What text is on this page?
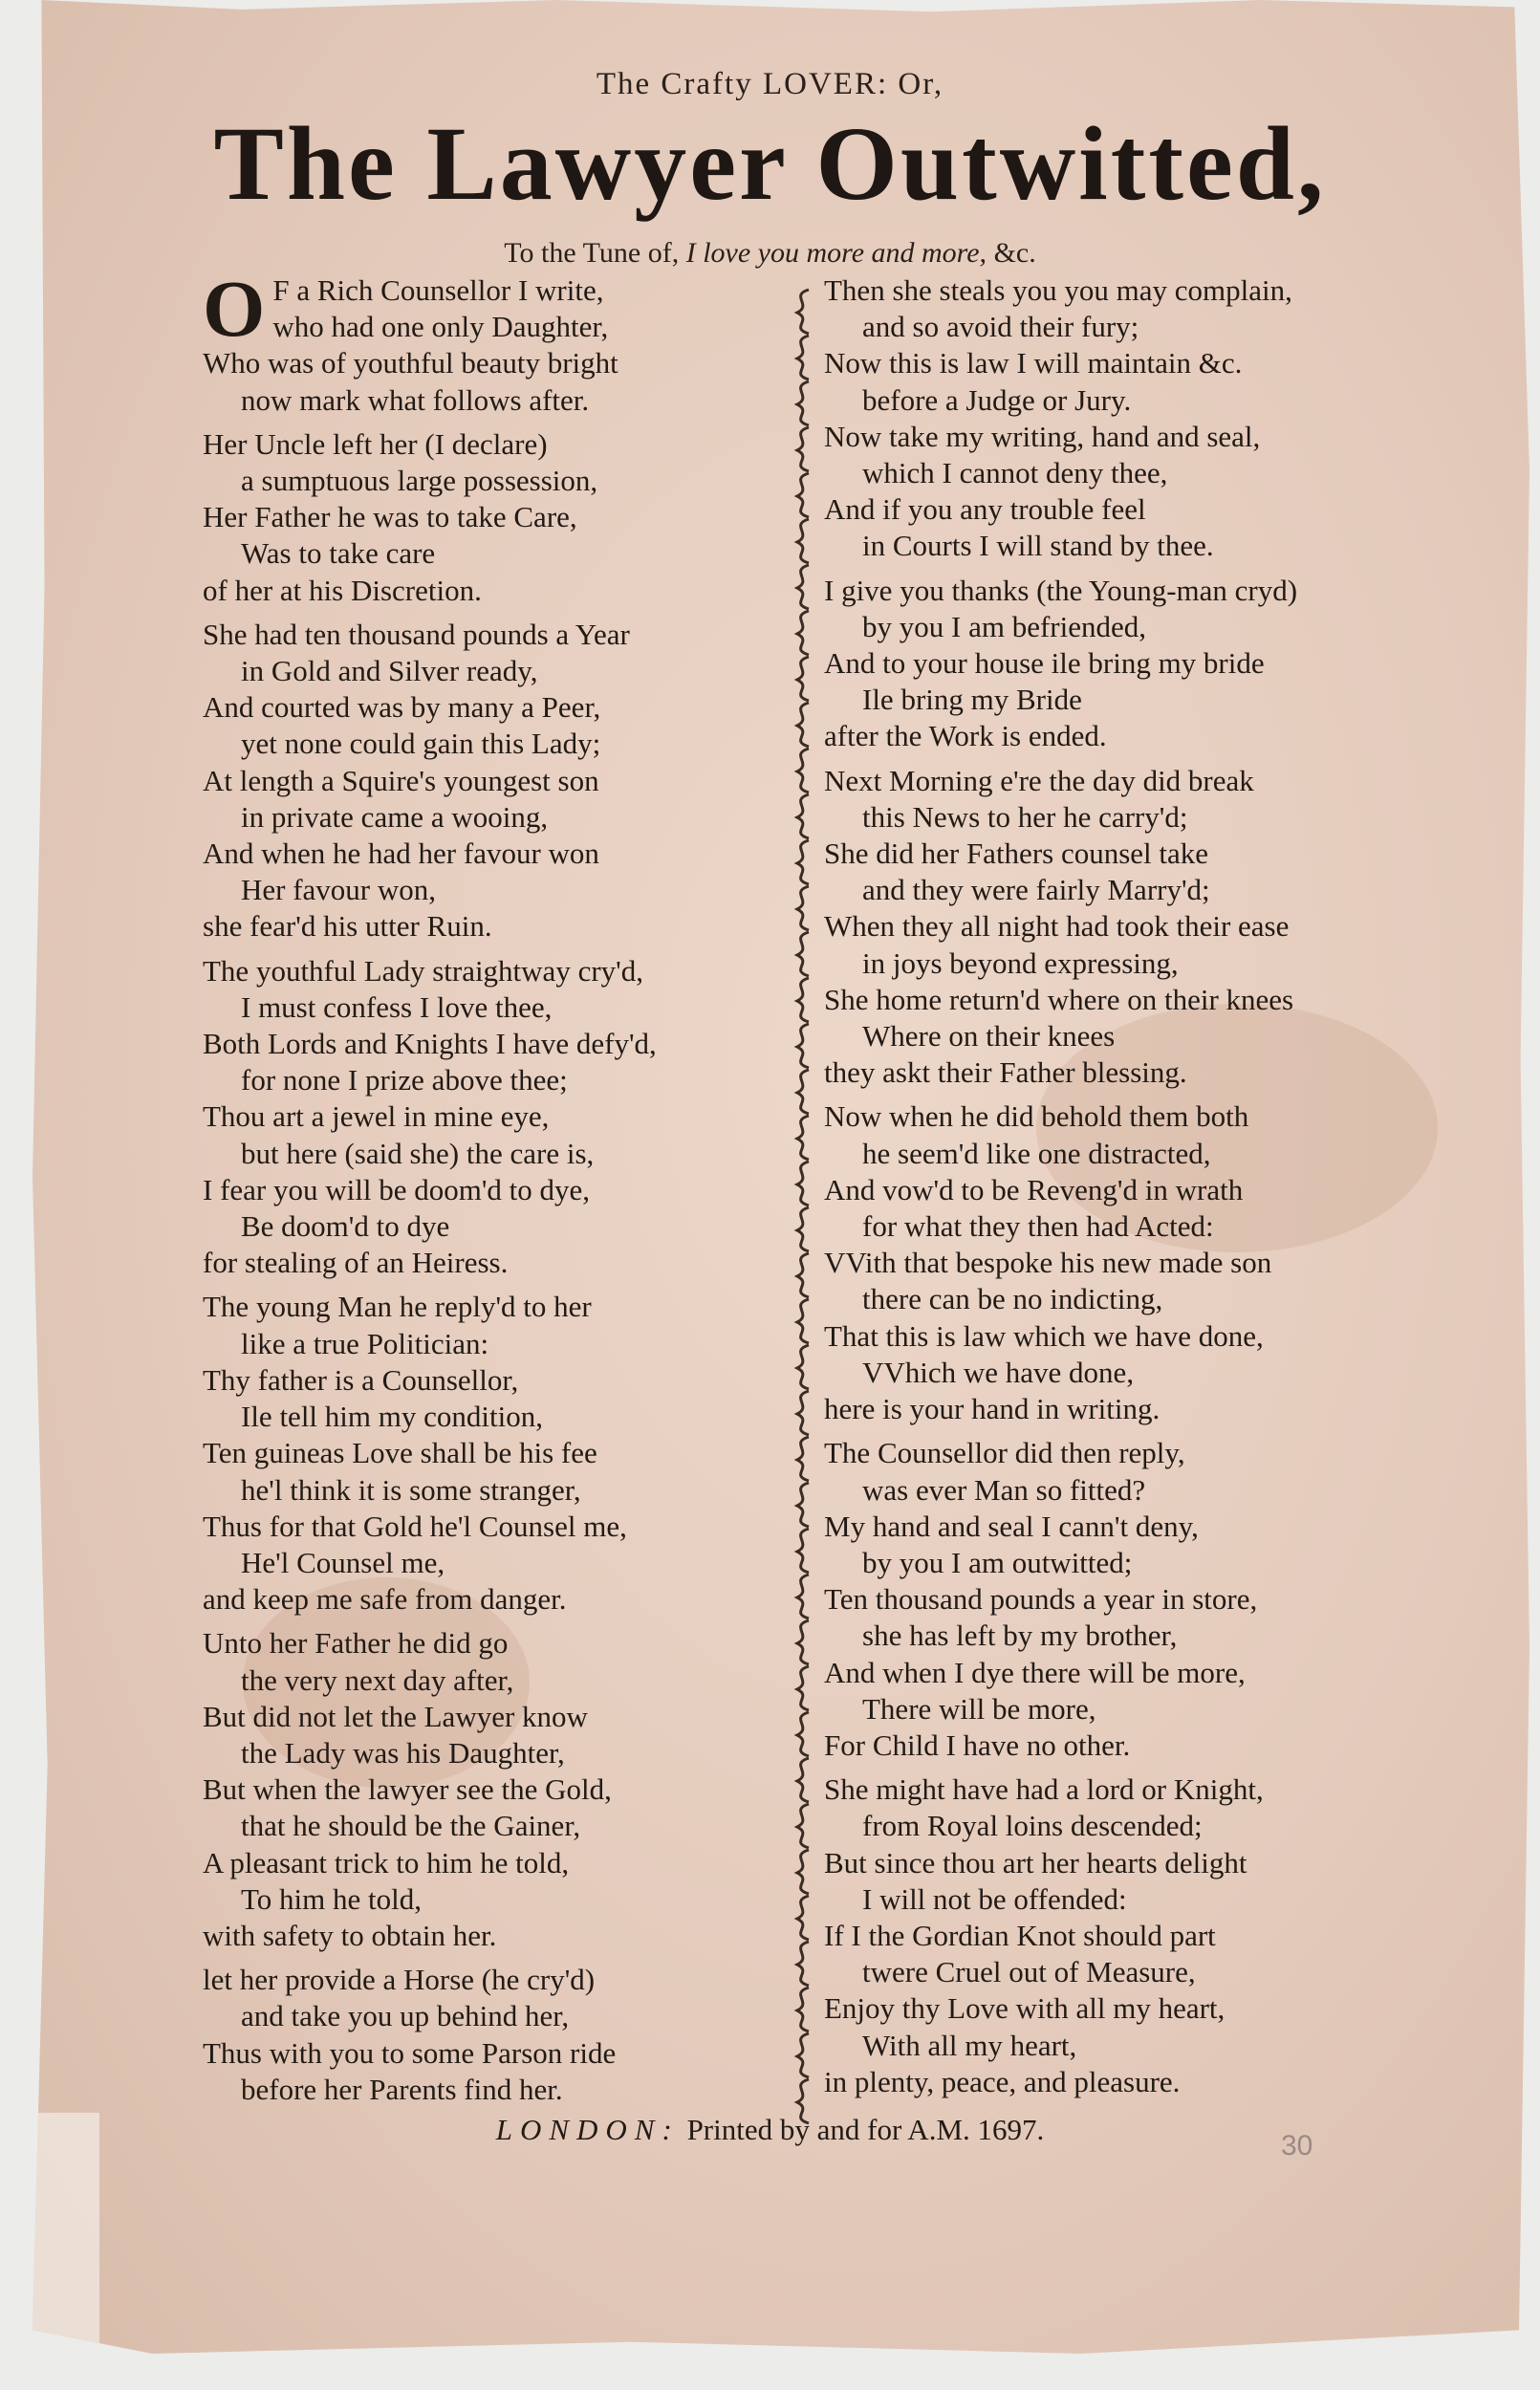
The Crafty LOVER: Or,
The Lawyer Outwitted,
To the Tune of, I love you more and more, &c.
O F a Rich Counsellor I write,
who had one only Daughter,
Who was of youthful beauty bright
now mark what follows after.
Her Uncle left her (I declare)
a sumptuous large possession,
Her Father he was to take Care,
Was to take care
of her at his Discretion.
She had ten thousand pounds a Year
in Gold and Silver ready,
And courted was by many a Peer,
yet none could gain this Lady;
At length a Squire's youngest son
in private came a wooing,
And when he had her favour won
Her favour won,
she fear'd his utter Ruin.
The youthful Lady straightway cry'd,
I must confess I love thee,
Both Lords and Knights I have defy'd,
for none I prize above thee;
Thou art a jewel in mine eye,
but here (said she) the care is,
I fear you will be doom'd to dye,
Be doom'd to dye
for stealing of an Heiress.
The young Man he reply'd to her
like a true Politician:
Thy father is a Counsellor,
Ile tell him my condition,
Ten guineas Love shall be his fee
he'l think it is some stranger,
Thus for that Gold he'l Counsel me,
He'l Counsel me,
and keep me safe from danger.
Unto her Father he did go
the very next day after,
But did not let the Lawyer know
the Lady was his Daughter,
But when the lawyer see the Gold,
that he should be the Gainer,
A pleasant trick to him he told,
To him he told,
with safety to obtain her.
let her provide a Horse (he cry'd)
and take you up behind her,
Thus with you to some Parson ride
before her Parents find her.
Then she steals you you may complain,
and so avoid their fury;
Now this is law I will maintain &c.
before a Judge or Jury.
Now take my writing, hand and seal,
which I cannot deny thee,
And if you any trouble feel
in Courts I will stand by thee.
I give you thanks (the Young-man cryd)
by you I am befriended,
And to your house ile bring my bride
Ile bring my Bride
after the Work is ended.
Next Morning e're the day did break
this News to her he carry'd;
She did her Fathers counsel take
and they were fairly Marry'd;
When they all night had took their ease
in joys beyond expressing,
She home return'd where on their knees
Where on their knees
they askt their Father blessing.
Now when he did behold them both
he seem'd like one distracted,
And vow'd to be Reveng'd in wrath
for what they then had Acted:
VVith that bespoke his new made son
there can be no indicting,
That this is law which we have done,
VVhich we have done,
here is your hand in writing.
The Counsellor did then reply,
was ever Man so fitted?
My hand and seal I cann't deny,
by you I am outwitted;
Ten thousand pounds a year in store,
she has left by my brother,
And when I dye there will be more,
There will be more,
For Child I have no other.
She might have had a lord or Knight,
from Royal loins descended;
But since thou art her hearts delight
I will not be offended:
If I the Gordian Knot should part
twere Cruel out of Measure,
Enjoy thy Love with all my heart,
With all my heart,
in plenty, peace, and pleasure.
LONDON: Printed by and for A.M. 1697.	30
